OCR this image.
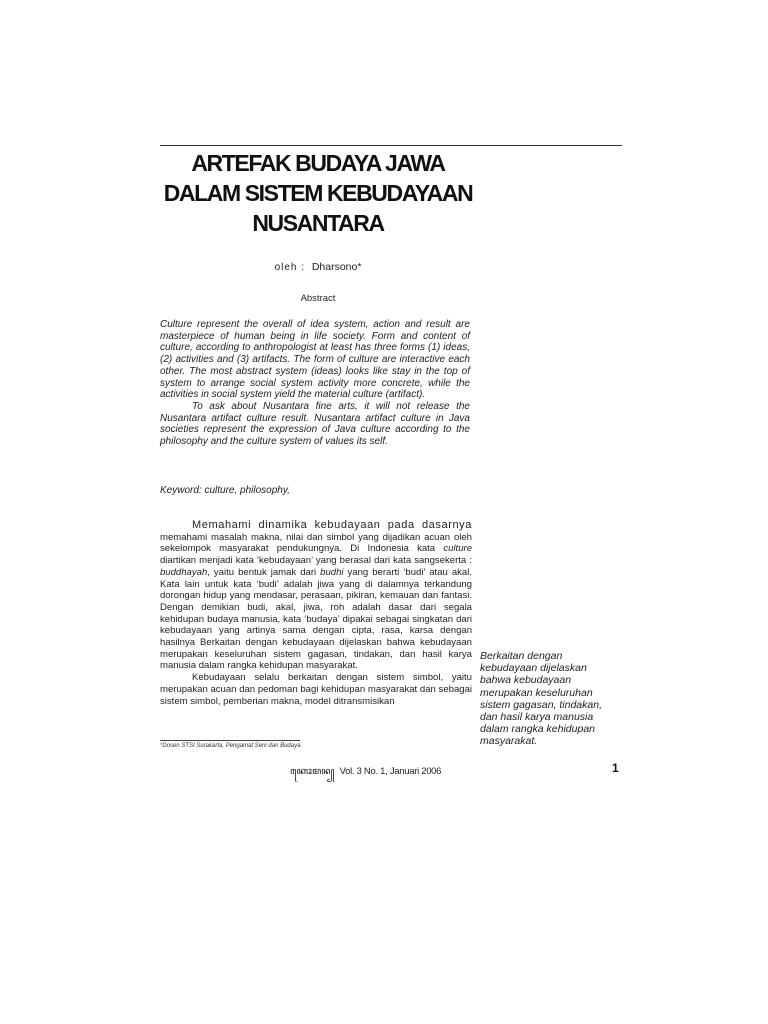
ARTEFAK BUDAYA JAWA
DALAM SISTEM KEBUDAYAAN
NUSANTARA
oleh : Dharsono*
Abstract

Culture represent the overall of idea system, action and result are masterpiece of human being in life society. Form and content of culture, according to anthropologist at least has three forms (1) ideas, (2) activities and (3) artifacts. The form of culture are interactive each other. The most abstract system (ideas) looks like stay in the top of system to arrange social system activity more concrete, while the activities in social system yield the material culture (artifact).

To ask about Nusantara fine arts, it will not release the Nusantara artifact culture result. Nusantara artifact culture in Java societies represent the expression of Java culture according to the philosophy and the culture system of values its self.

Keyword: culture, philosophy,

Memahami dinamika kebudayaan pada dasarnya memahami masalah makna, nilai dan simbol yang dijadikan acuan oleh sekelompok masyarakat pendukungnya. Di Indonesia kata culture diartikan menjadi kata ‘kebudayaan’ yang berasal dari kata sangsekerta : buddhayah, yaitu bentuk jamak dari budhi yang berarti ‘budi’ atau akal. Kata lain untuk kata ‘budi’ adalah jiwa yang di dalamnya terkandung dorongan hidup yang mendasar, perasaan, pikiran, kemauan dan fantasi. Dengan demikian budi, akal, jiwa, roh adalah dasar dari segala kehidupan budaya manusia, kata ‘budaya’ dipakai sebagai singkatan dari kebudayaan yang artinya sama dengan cipta, rasa, karsa dengan hasilnya Berkaitan dengan kebudayaan dijelaskan bahwa kebudayaan merupakan keseluruhan sistem gagasan, tindakan, dan hasil karya manusia dalam rangka kehidupan masyarakat.

Kebudayaan selalu berkaitan dengan sistem simbol, yaitu merupakan acuan dan pedoman bagi kehidupan masyarakat dan sebagai sistem simbol, pemberian makna, model ditransmisikan

Berkaitan dengan kebudayaan dijelaskan bahwa kebudayaan merupakan keseluruhan sistem gagasan, tindakan, dan hasil karya manusia dalam rangka kehidupan masyarakat.
*Dosen STSI Surakarta, Pengamat Seni dan Budaya.
ꦏꦺꦴꦩꦤ꧀ Vol. 3 No. 1, Januari 2006	1
